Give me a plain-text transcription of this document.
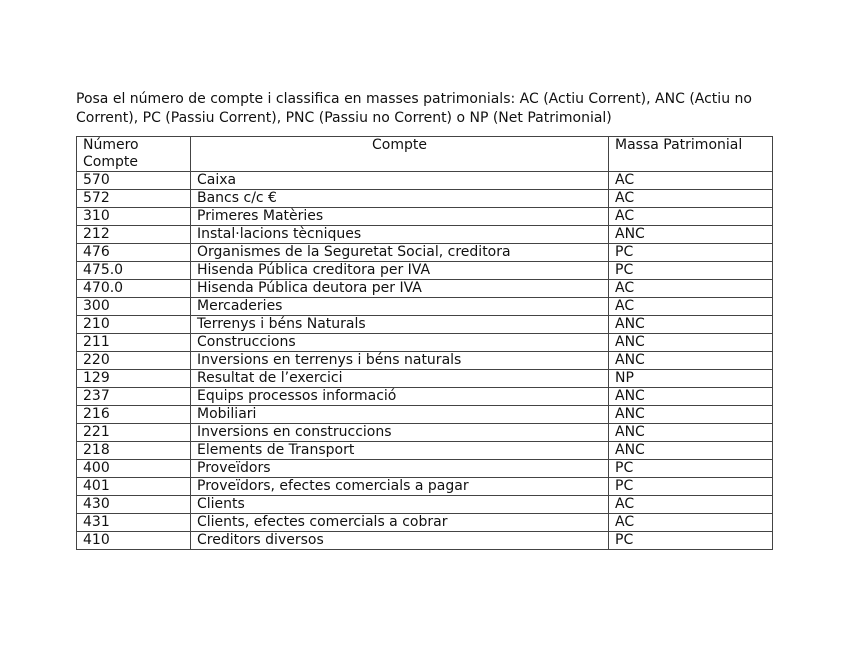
Posa el número de compte i classifica en masses patrimonials: AC (Actiu Corrent), ANC (Actiu no Corrent), PC (Passiu Corrent), PNC (Passiu no Corrent) o NP (Net Patrimonial)

Número Compte	Compte	Massa Patrimonial
570	Caixa	AC
572	Bancs c/c €	AC
310	Primeres Matèries	AC
212	Instal·lacions tècniques	ANC
476	Organismes de la Seguretat Social, creditora	PC
475.0	Hisenda Pública creditora per IVA	PC
470.0	Hisenda Pública deutora per IVA	AC
300	Mercaderies	AC
210	Terrenys i béns Naturals	ANC
211	Construccions	ANC
220	Inversions en terrenys i béns naturals	ANC
129	Resultat de l’exercici	NP
237	Equips processos informació	ANC
216	Mobiliari	ANC
221	Inversions en construccions	ANC
218	Elements de Transport	ANC
400	Proveïdors	PC
401	Proveïdors, efectes comercials a pagar	PC
430	Clients	AC
431	Clients, efectes comercials a cobrar	AC
410	Creditors diversos	PC
